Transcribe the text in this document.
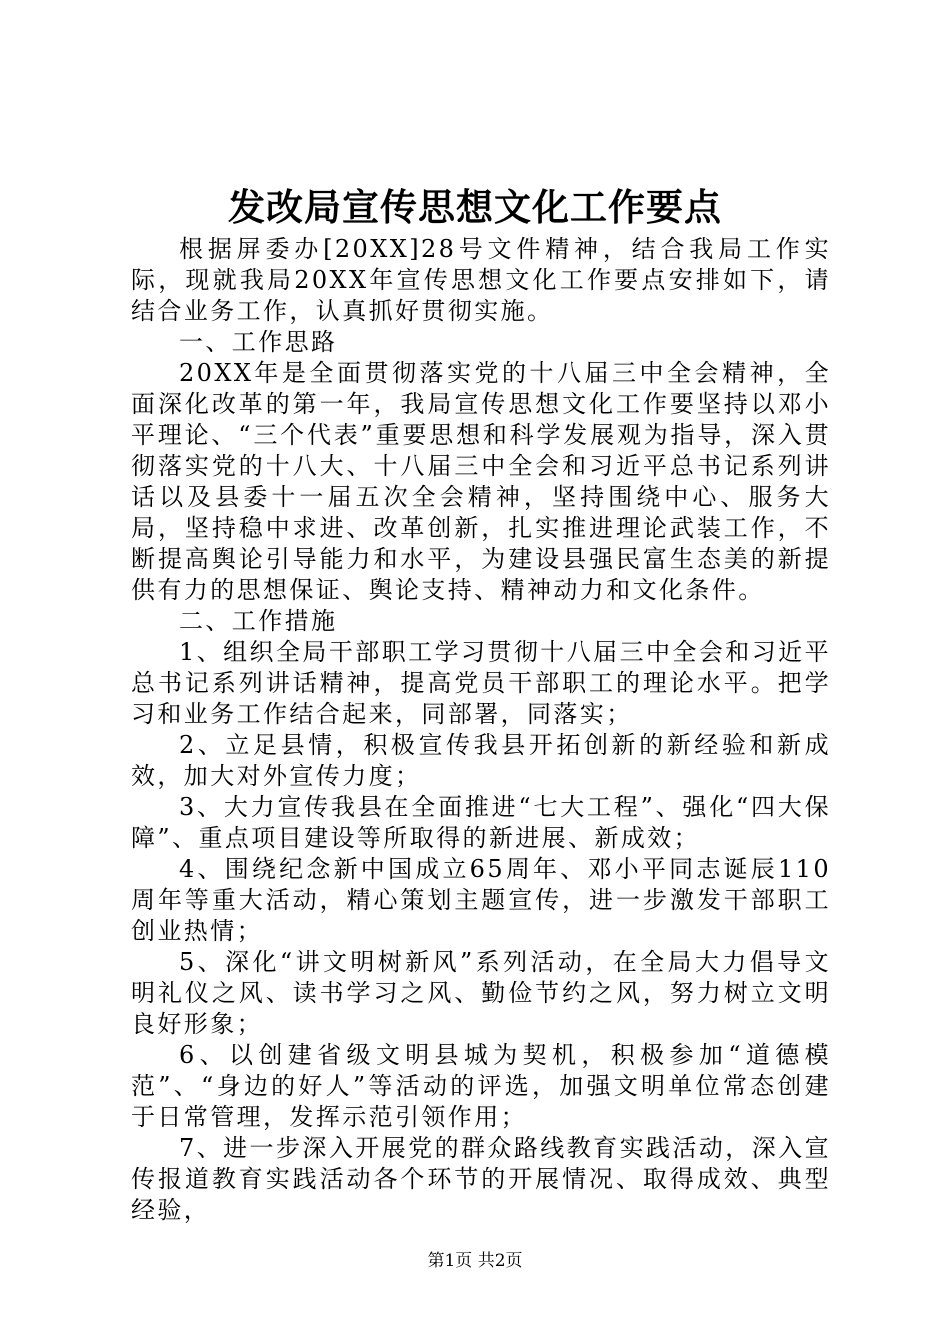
发改局宣传思想文化工作要点

根据屏委办[20XX]28号文件精神，结合我局工作实际，现就我局20XX年宣传思想文化工作要点安排如下，请结合业务工作，认真抓好贯彻实施。

一、工作思路

20XX年是全面贯彻落实党的十八届三中全会精神，全面深化改革的第一年，我局宣传思想文化工作要坚持以邓小平理论、“三个代表”重要思想和科学发展观为指导，深入贯彻落实党的十八大、十八届三中全会和习近平总书记系列讲话以及县委十一届五次全会精神，坚持围绕中心、服务大局，坚持稳中求进、改革创新，扎实推进理论武装工作，不断提高舆论引导能力和水平，为建设县强民富生态美的新提供有力的思想保证、舆论支持、精神动力和文化条件。

二、工作措施

1、组织全局干部职工学习贯彻十八届三中全会和习近平总书记系列讲话精神，提高党员干部职工的理论水平。把学习和业务工作结合起来，同部署，同落实；

2、立足县情，积极宣传我县开拓创新的新经验和新成效，加大对外宣传力度；

3、大力宣传我县在全面推进“七大工程”、强化“四大保障”、重点项目建设等所取得的新进展、新成效；

4、围绕纪念新中国成立65周年、邓小平同志诞辰110周年等重大活动，精心策划主题宣传，进一步激发干部职工创业热情；

5、深化“讲文明树新风”系列活动，在全局大力倡导文明礼仪之风、读书学习之风、勤俭节约之风，努力树立文明良好形象；

6、以创建省级文明县城为契机，积极参加“道德模范”、“身边的好人”等活动的评选，加强文明单位常态创建于日常管理，发挥示范引领作用；

7、进一步深入开展党的群众路线教育实践活动，深入宣传报道教育实践活动各个环节的开展情况、取得成效、典型经验，

第1页 共2页
